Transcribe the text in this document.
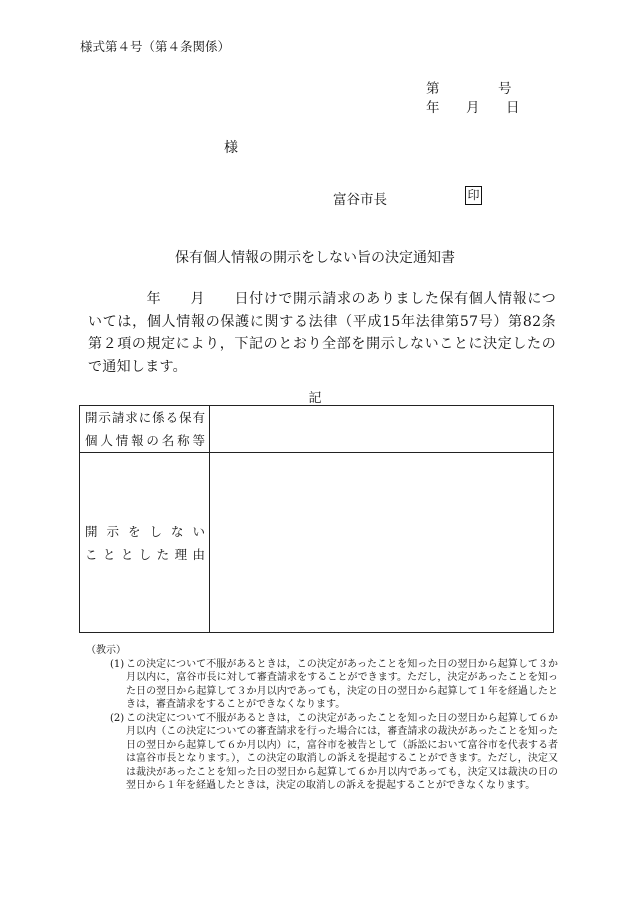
様式第４号（第４条関係）
第	号
年 月 日
様
富谷市長	印
保有個人情報の開示をしない旨の決定通知書
　　　　年　　月　　日付けで開示請求のありました保有個人情報については，個人情報の保護に関する法律（平成15年法律第57号）第82条第２項の規定により，下記のとおり全部を開示しないことに決定したので通知します。
記
開示請求に係る保有
個人情報の名称等	

開示をしない
こととした理由	

（教示）
(1) この決定について不服があるときは，この決定があったことを知った日の翌日から起算して３か月以内に，富谷市長に対して審査請求をすることができます。ただし，決定があったことを知った日の翌日から起算して３か月以内であっても，決定の日の翌日から起算して１年を経過したときは，審査請求をすることができなくなります。
(2) この決定について不服があるときは，この決定があったことを知った日の翌日から起算して６か月以内（この決定についての審査請求を行った場合には，審査請求の裁決があったことを知った日の翌日から起算して６か月以内）に，富谷市を被告として（訴訟において富谷市を代表する者は富谷市長となります。），この決定の取消しの訴えを提起することができます。ただし，決定又は裁決があったことを知った日の翌日から起算して６か月以内であっても，決定又は裁決の日の翌日から１年を経過したときは，決定の取消しの訴えを提起することができなくなります。
